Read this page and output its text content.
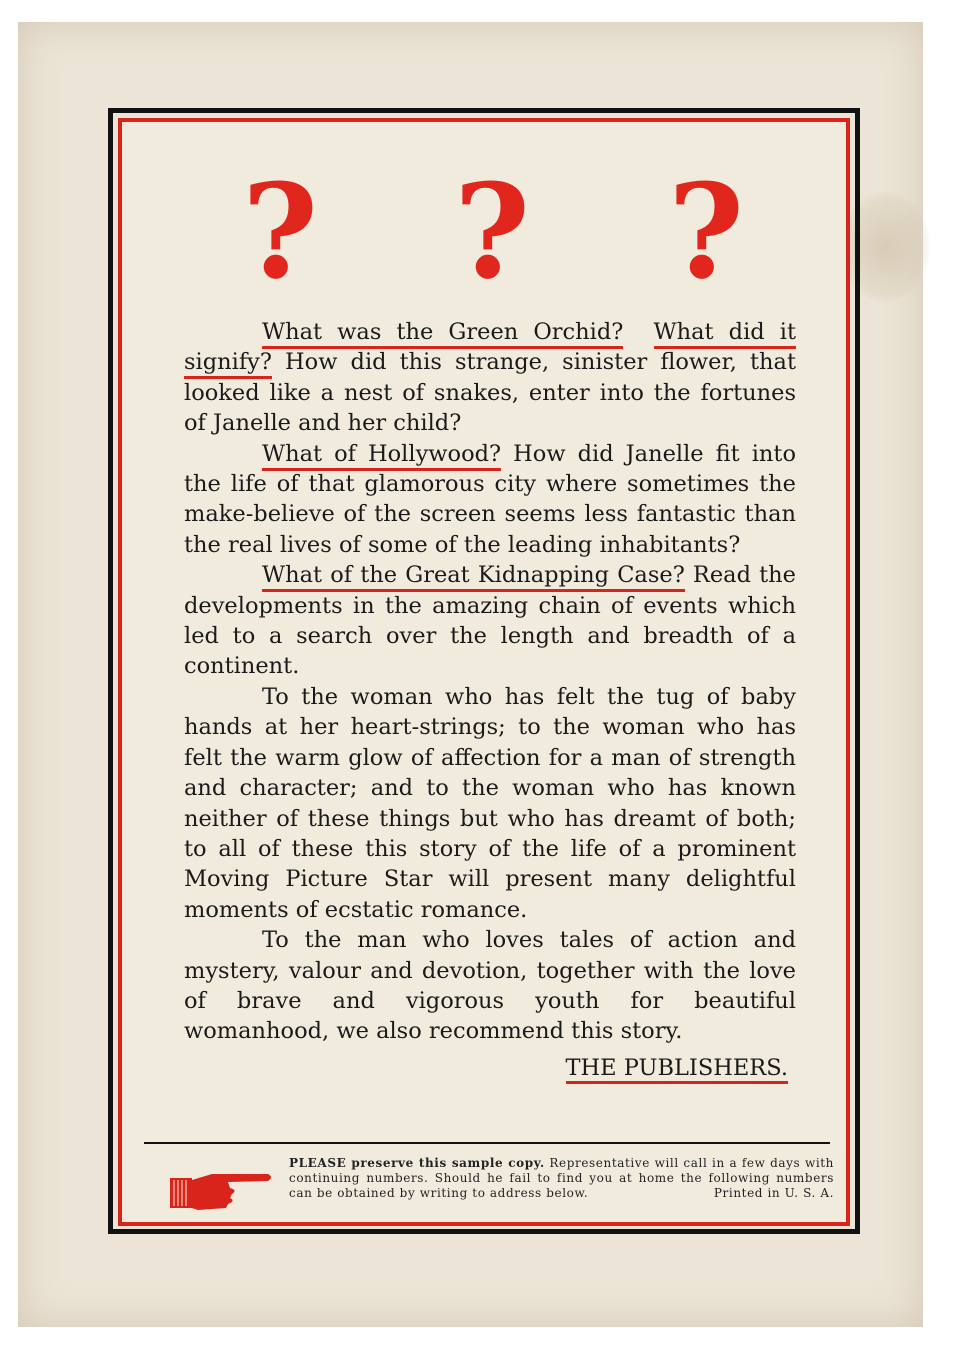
? ? ?

What was the Green Orchid? What did it signify? How did this strange, sinister flower, that looked like a nest of snakes, enter into the fortunes of Janelle and her child?

What of Hollywood? How did Janelle fit into the life of that glamorous city where sometimes the make-believe of the screen seems less fantastic than the real lives of some of the leading inhabitants?

What of the Great Kidnapping Case? Read the developments in the amazing chain of events which led to a search over the length and breadth of a continent.

To the woman who has felt the tug of baby hands at her heart-strings; to the woman who has felt the warm glow of affection for a man of strength and character; and to the woman who has known neither of these things but who has dreamt of both; to all of these this story of the life of a prominent Moving Picture Star will present many delightful moments of ecstatic romance.

To the man who loves tales of action and mystery, valour and devotion, together with the love of brave and vigorous youth for beautiful womanhood, we also recommend this story.

THE PUBLISHERS.
PLEASE preserve this sample copy. Representative will call in a few days with continuing numbers. Should he fail to find you at home the following numbers can be obtained by writing to address below.	Printed in U. S. A.
